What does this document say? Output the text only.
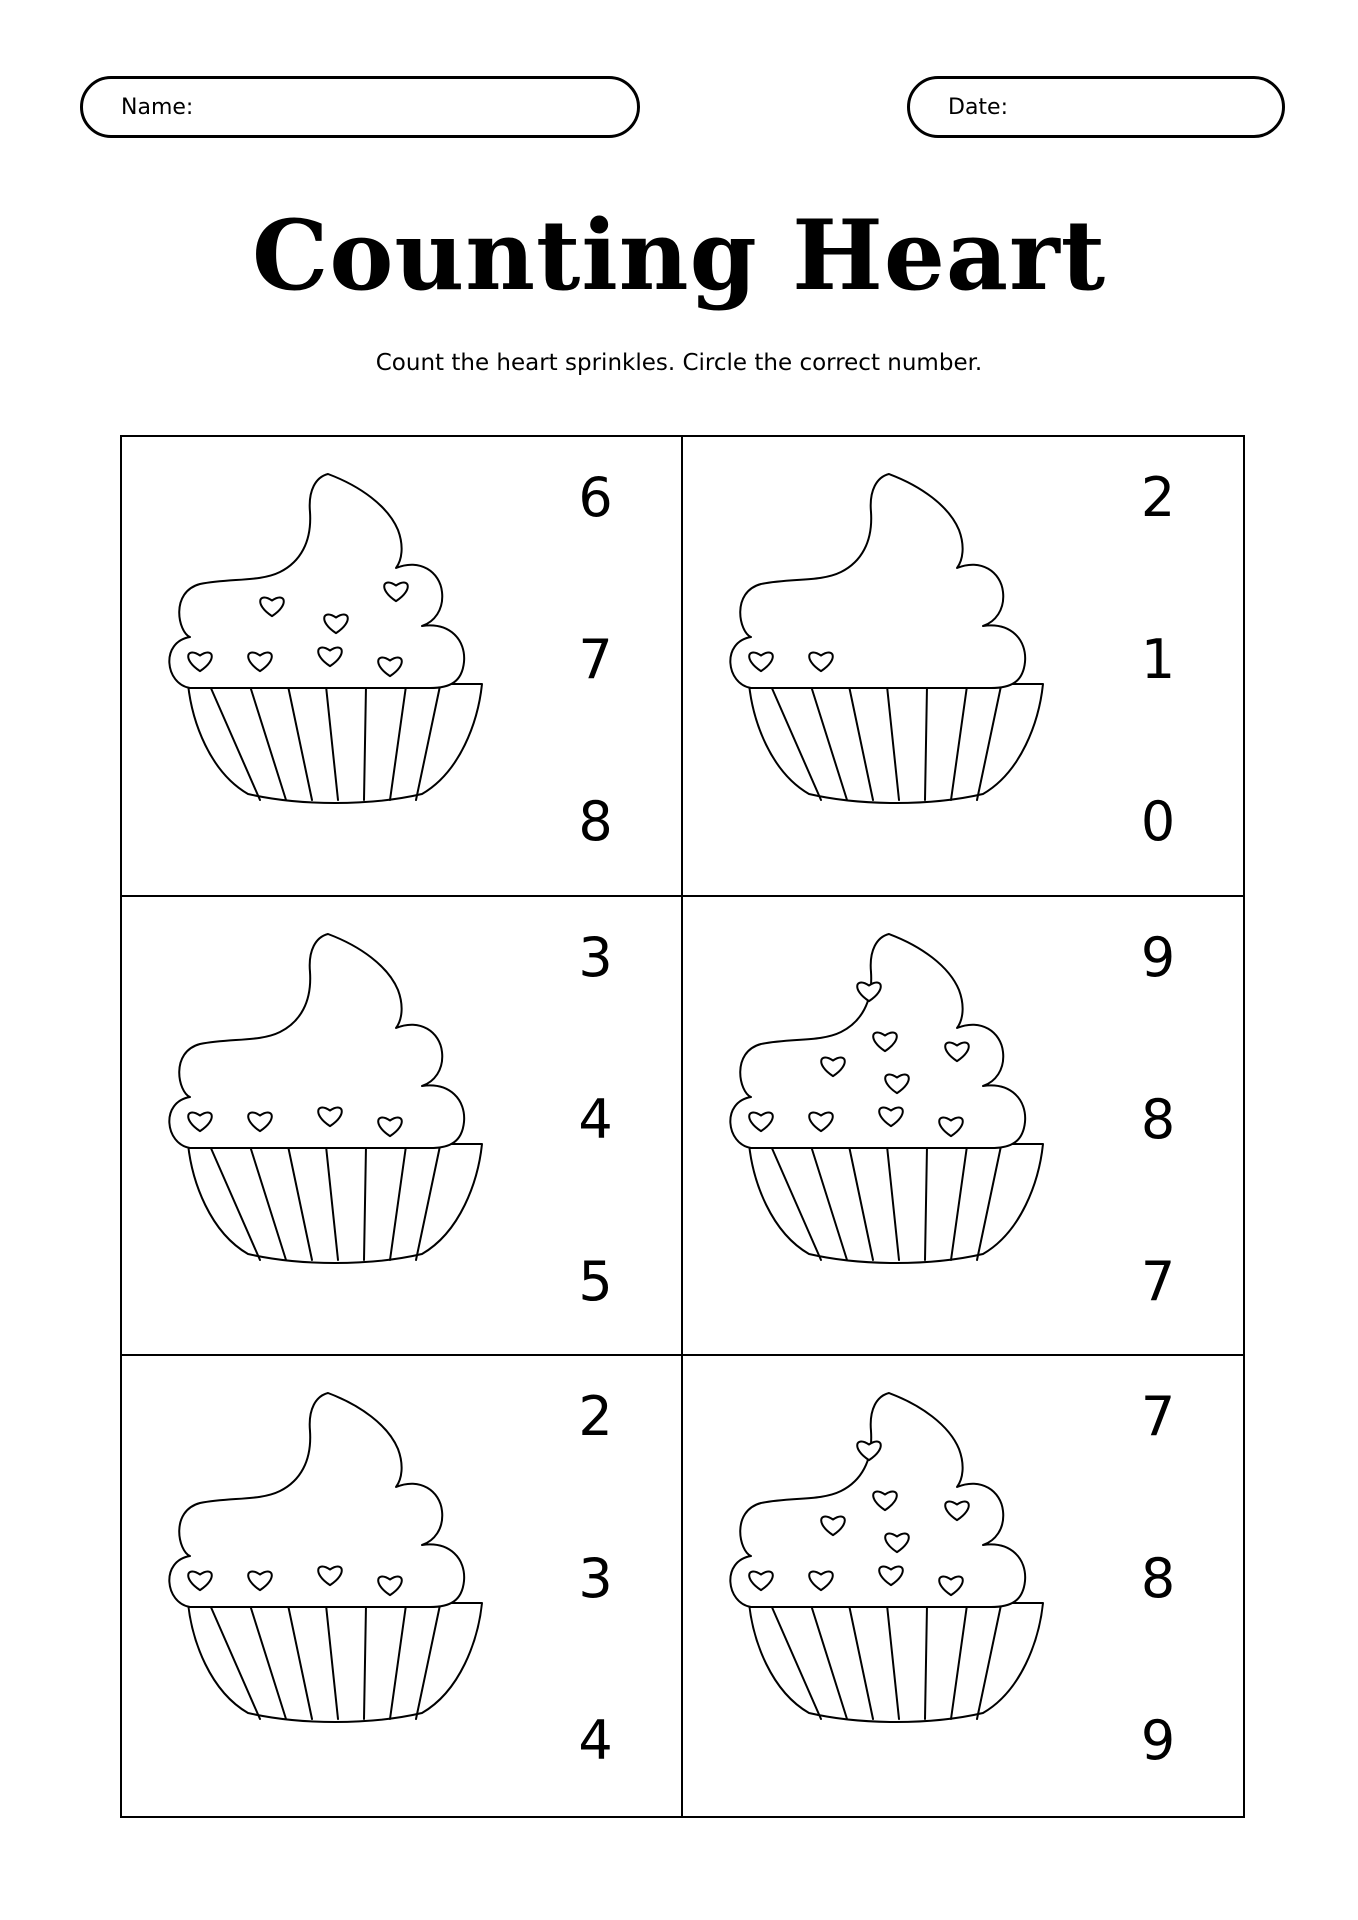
Name:	Date:
Counting Heart
Count the heart sprinkles. Circle the correct number.
6
7
8
2
1
0
3
4
5
9
8
7
2
3
4
7
8
9
